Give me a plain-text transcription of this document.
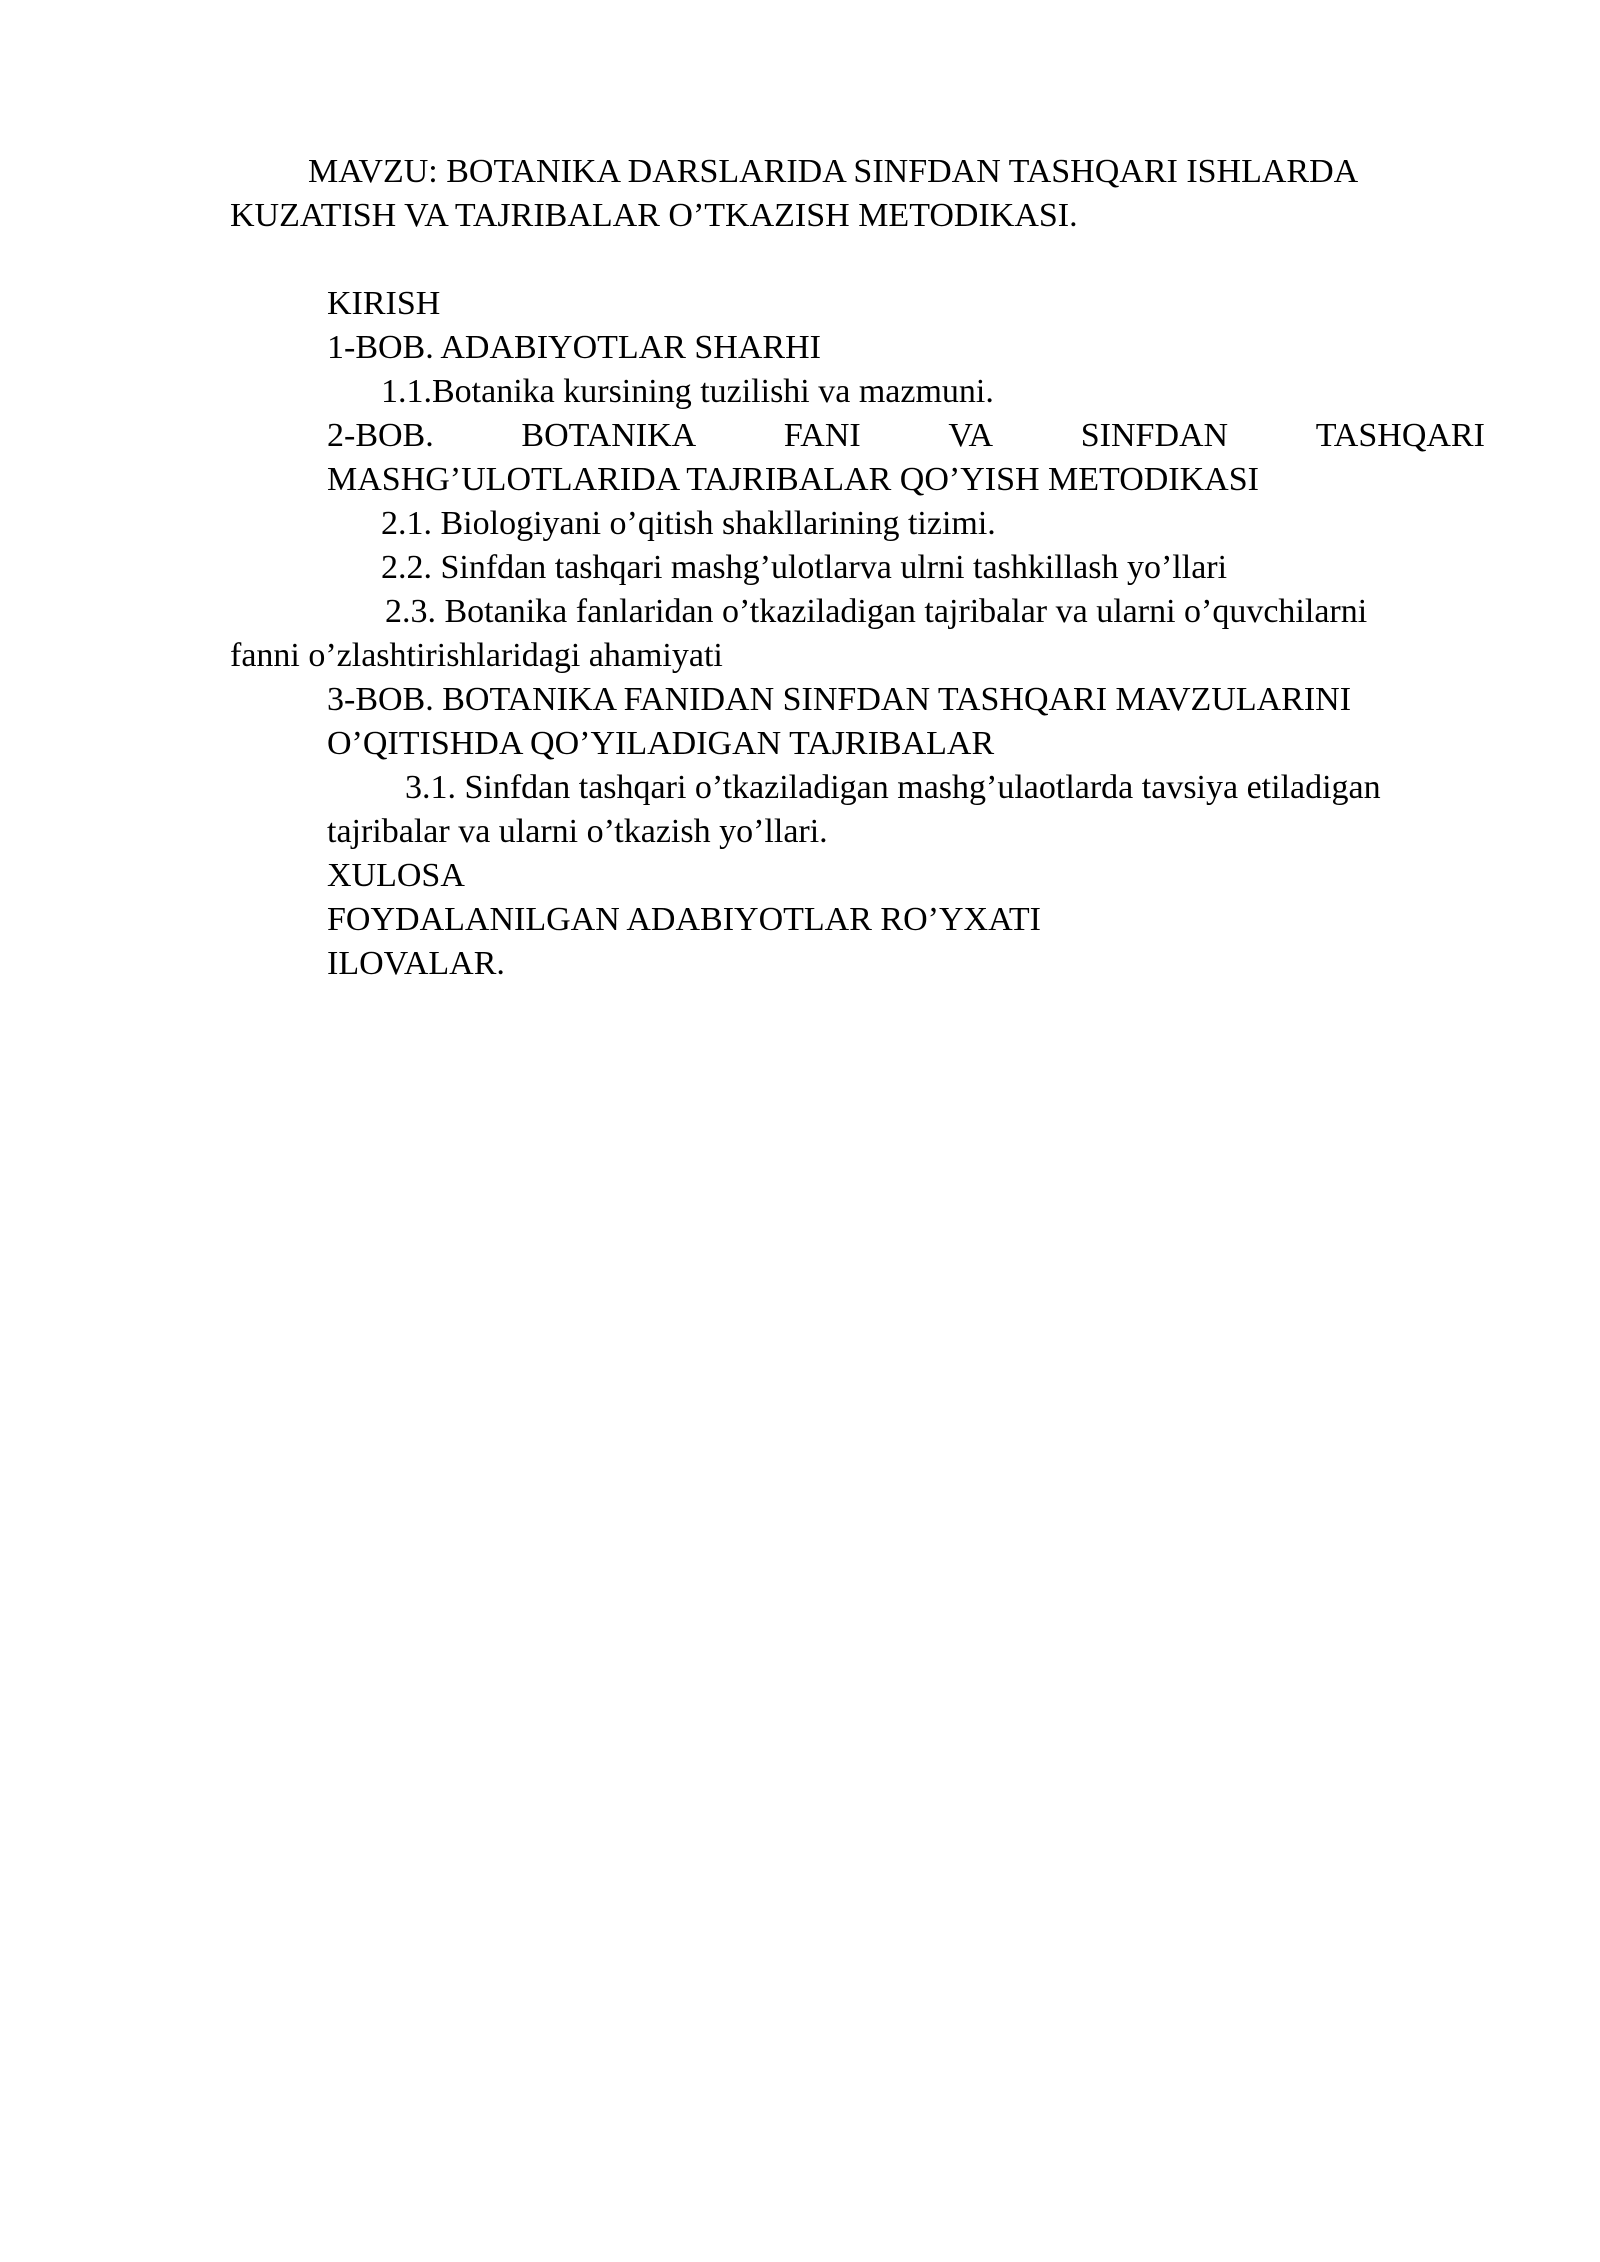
MAVZU: BOTANIKA DARSLARIDA SINFDAN TASHQARI ISHLARDA
KUZATISH VA TAJRIBALAR O’TKAZISH METODIKASI.
KIRISH
1-BOB. ADABIYOTLAR SHARHI
1.1.Botanika kursining tuzilishi va mazmuni.
2-BOB.	BOTANIKA	FANI	VA	SINFDAN	TASHQARI
MASHG’ULOTLARIDA TAJRIBALAR QO’YISH METODIKASI
2.1. Biologiyani o’qitish shakllarining tizimi.
2.2. Sinfdan tashqari mashg’ulotlarva ulrni tashkillash yo’llari
2.3. Botanika fanlaridan o’tkaziladigan tajribalar va ularni o’quvchilarni
fanni o’zlashtirishlaridagi ahamiyati
3-BOB. BOTANIKA FANIDAN SINFDAN TASHQARI MAVZULARINI
O’QITISHDA QO’YILADIGAN TAJRIBALAR
3.1. Sinfdan tashqari o’tkaziladigan mashg’ulaotlarda tavsiya etiladigan
tajribalar va ularni o’tkazish yo’llari.
XULOSA
FOYDALANILGAN ADABIYOTLAR RO’YXATI
ILOVALAR.
